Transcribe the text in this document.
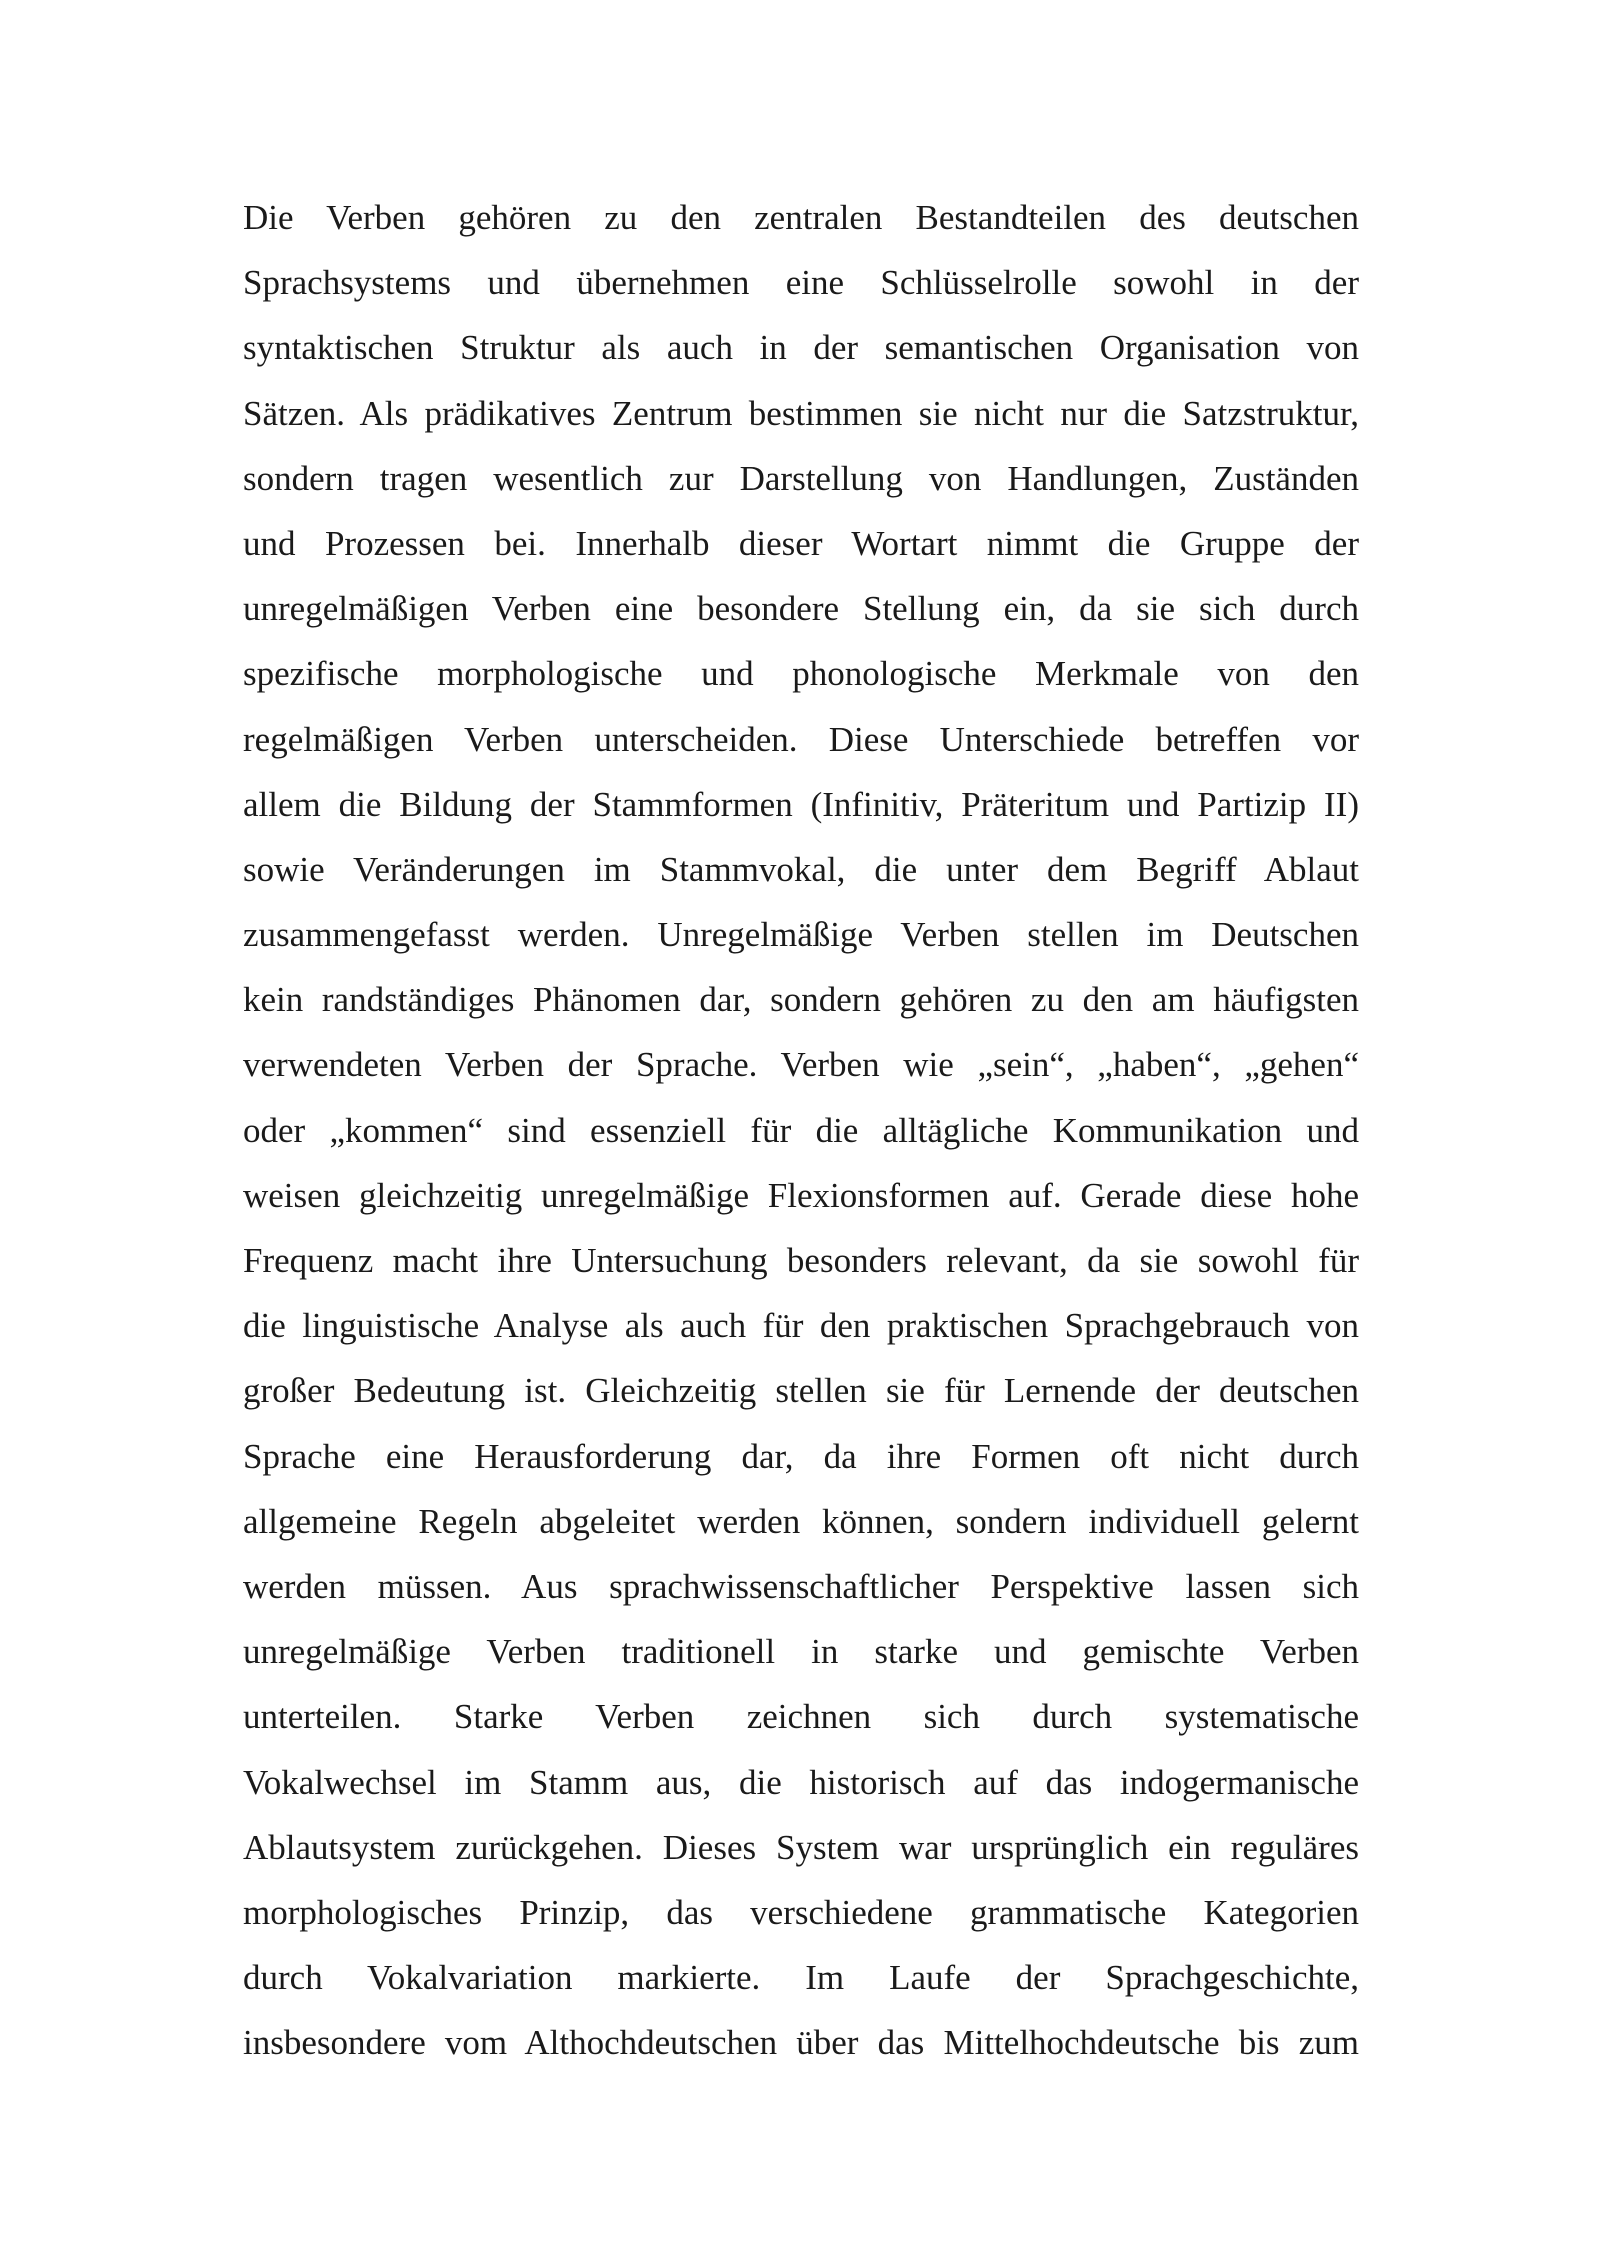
Die Verben gehören zu den zentralen Bestandteilen des deutschen
Sprachsystems und übernehmen eine Schlüsselrolle sowohl in der
syntaktischen Struktur als auch in der semantischen Organisation von
Sätzen. Als prädikatives Zentrum bestimmen sie nicht nur die Satzstruktur,
sondern tragen wesentlich zur Darstellung von Handlungen, Zuständen
und Prozessen bei. Innerhalb dieser Wortart nimmt die Gruppe der
unregelmäßigen Verben eine besondere Stellung ein, da sie sich durch
spezifische morphologische und phonologische Merkmale von den
regelmäßigen Verben unterscheiden. Diese Unterschiede betreffen vor
allem die Bildung der Stammformen (Infinitiv, Präteritum und Partizip II)
sowie Veränderungen im Stammvokal, die unter dem Begriff Ablaut
zusammengefasst werden. Unregelmäßige Verben stellen im Deutschen
kein randständiges Phänomen dar, sondern gehören zu den am häufigsten
verwendeten Verben der Sprache. Verben wie „sein“, „haben“, „gehen“
oder „kommen“ sind essenziell für die alltägliche Kommunikation und
weisen gleichzeitig unregelmäßige Flexionsformen auf. Gerade diese hohe
Frequenz macht ihre Untersuchung besonders relevant, da sie sowohl für
die linguistische Analyse als auch für den praktischen Sprachgebrauch von
großer Bedeutung ist. Gleichzeitig stellen sie für Lernende der deutschen
Sprache eine Herausforderung dar, da ihre Formen oft nicht durch
allgemeine Regeln abgeleitet werden können, sondern individuell gelernt
werden müssen. Aus sprachwissenschaftlicher Perspektive lassen sich
unregelmäßige Verben traditionell in starke und gemischte Verben
unterteilen. Starke Verben zeichnen sich durch systematische
Vokalwechsel im Stamm aus, die historisch auf das indogermanische
Ablautsystem zurückgehen. Dieses System war ursprünglich ein reguläres
morphologisches Prinzip, das verschiedene grammatische Kategorien
durch Vokalvariation markierte. Im Laufe der Sprachgeschichte,
insbesondere vom Althochdeutschen über das Mittelhochdeutsche bis zum
